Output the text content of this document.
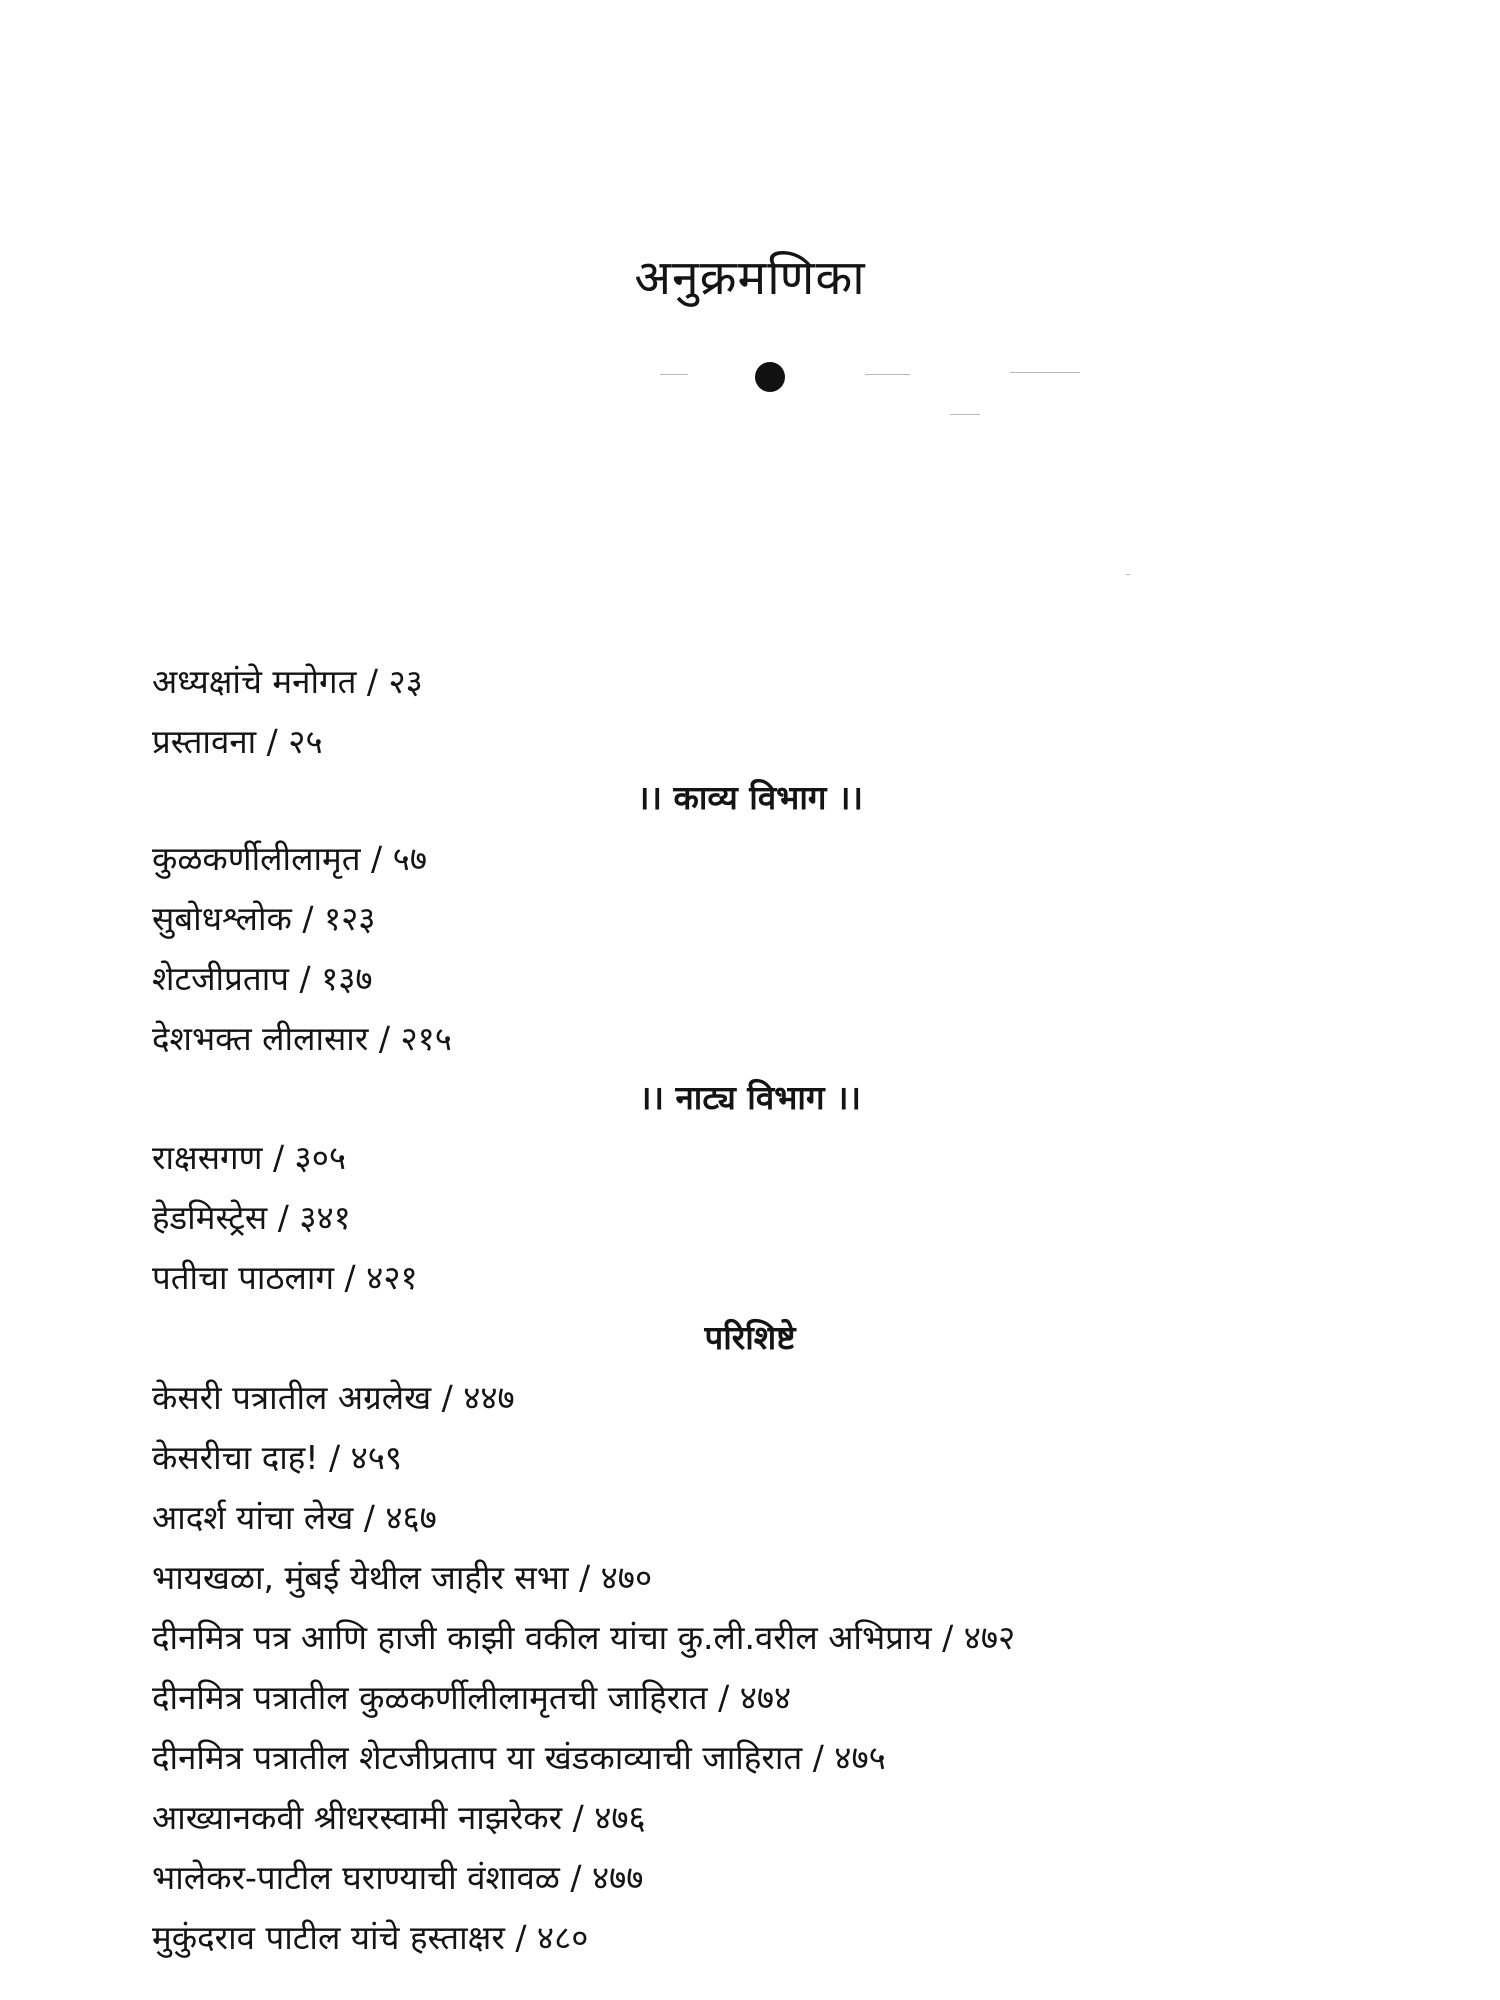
अनुक्रमणिका
अध्यक्षांचे मनोगत / २३
प्रस्तावना / २५
।। काव्य विभाग ।।
कुळकर्णीलीलामृत / ५७
सुबोधश्लोक / १२३
शेटजीप्रताप / १३७
देशभक्त लीलासार / २१५
।। नाट्य विभाग ।।
राक्षसगण / ३०५
हेडमिस्ट्रेस / ३४१
पतीचा पाठलाग / ४२१
परिशिष्टे
केसरी पत्रातील अग्रलेख / ४४७
केसरीचा दाह! / ४५९
आदर्श यांचा लेख / ४६७
भायखळा, मुंबई येथील जाहीर सभा / ४७०
दीनमित्र पत्र आणि हाजी काझी वकील यांचा कु.ली.वरील अभिप्राय / ४७२
दीनमित्र पत्रातील कुळकर्णीलीलामृतची जाहिरात / ४७४
दीनमित्र पत्रातील शेटजीप्रताप या खंडकाव्याची जाहिरात / ४७५
आख्यानकवी श्रीधरस्वामी नाझरेकर / ४७६
भालेकर-पाटील घराण्याची वंशावळ / ४७७
मुकुंदराव पाटील यांचे हस्ताक्षर / ४८०
